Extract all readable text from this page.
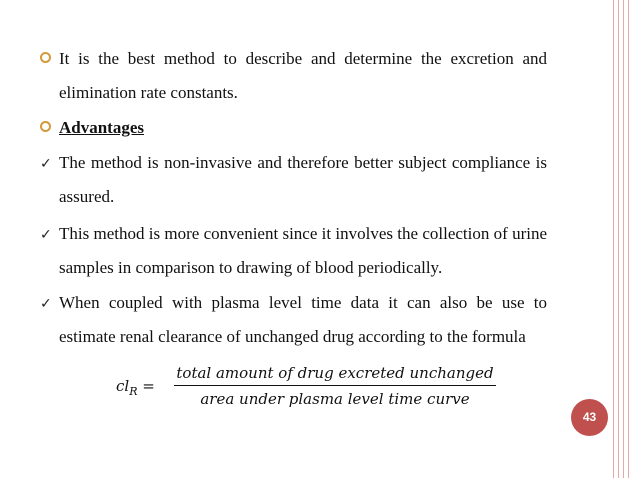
It is the best method to describe and determine the excretion and elimination rate constants.
Advantages
✓ The method is non-invasive and therefore better subject compliance is assured.
✓ This method is more convenient since it involves the collection of urine samples in comparison to drawing of blood periodically.
✓ When coupled with plasma level time data it can also be use to estimate renal clearance of unchanged drug according to the formula
$cl_R$ =
total amount of drug excreted unchanged
area under plasma level time curve
43
